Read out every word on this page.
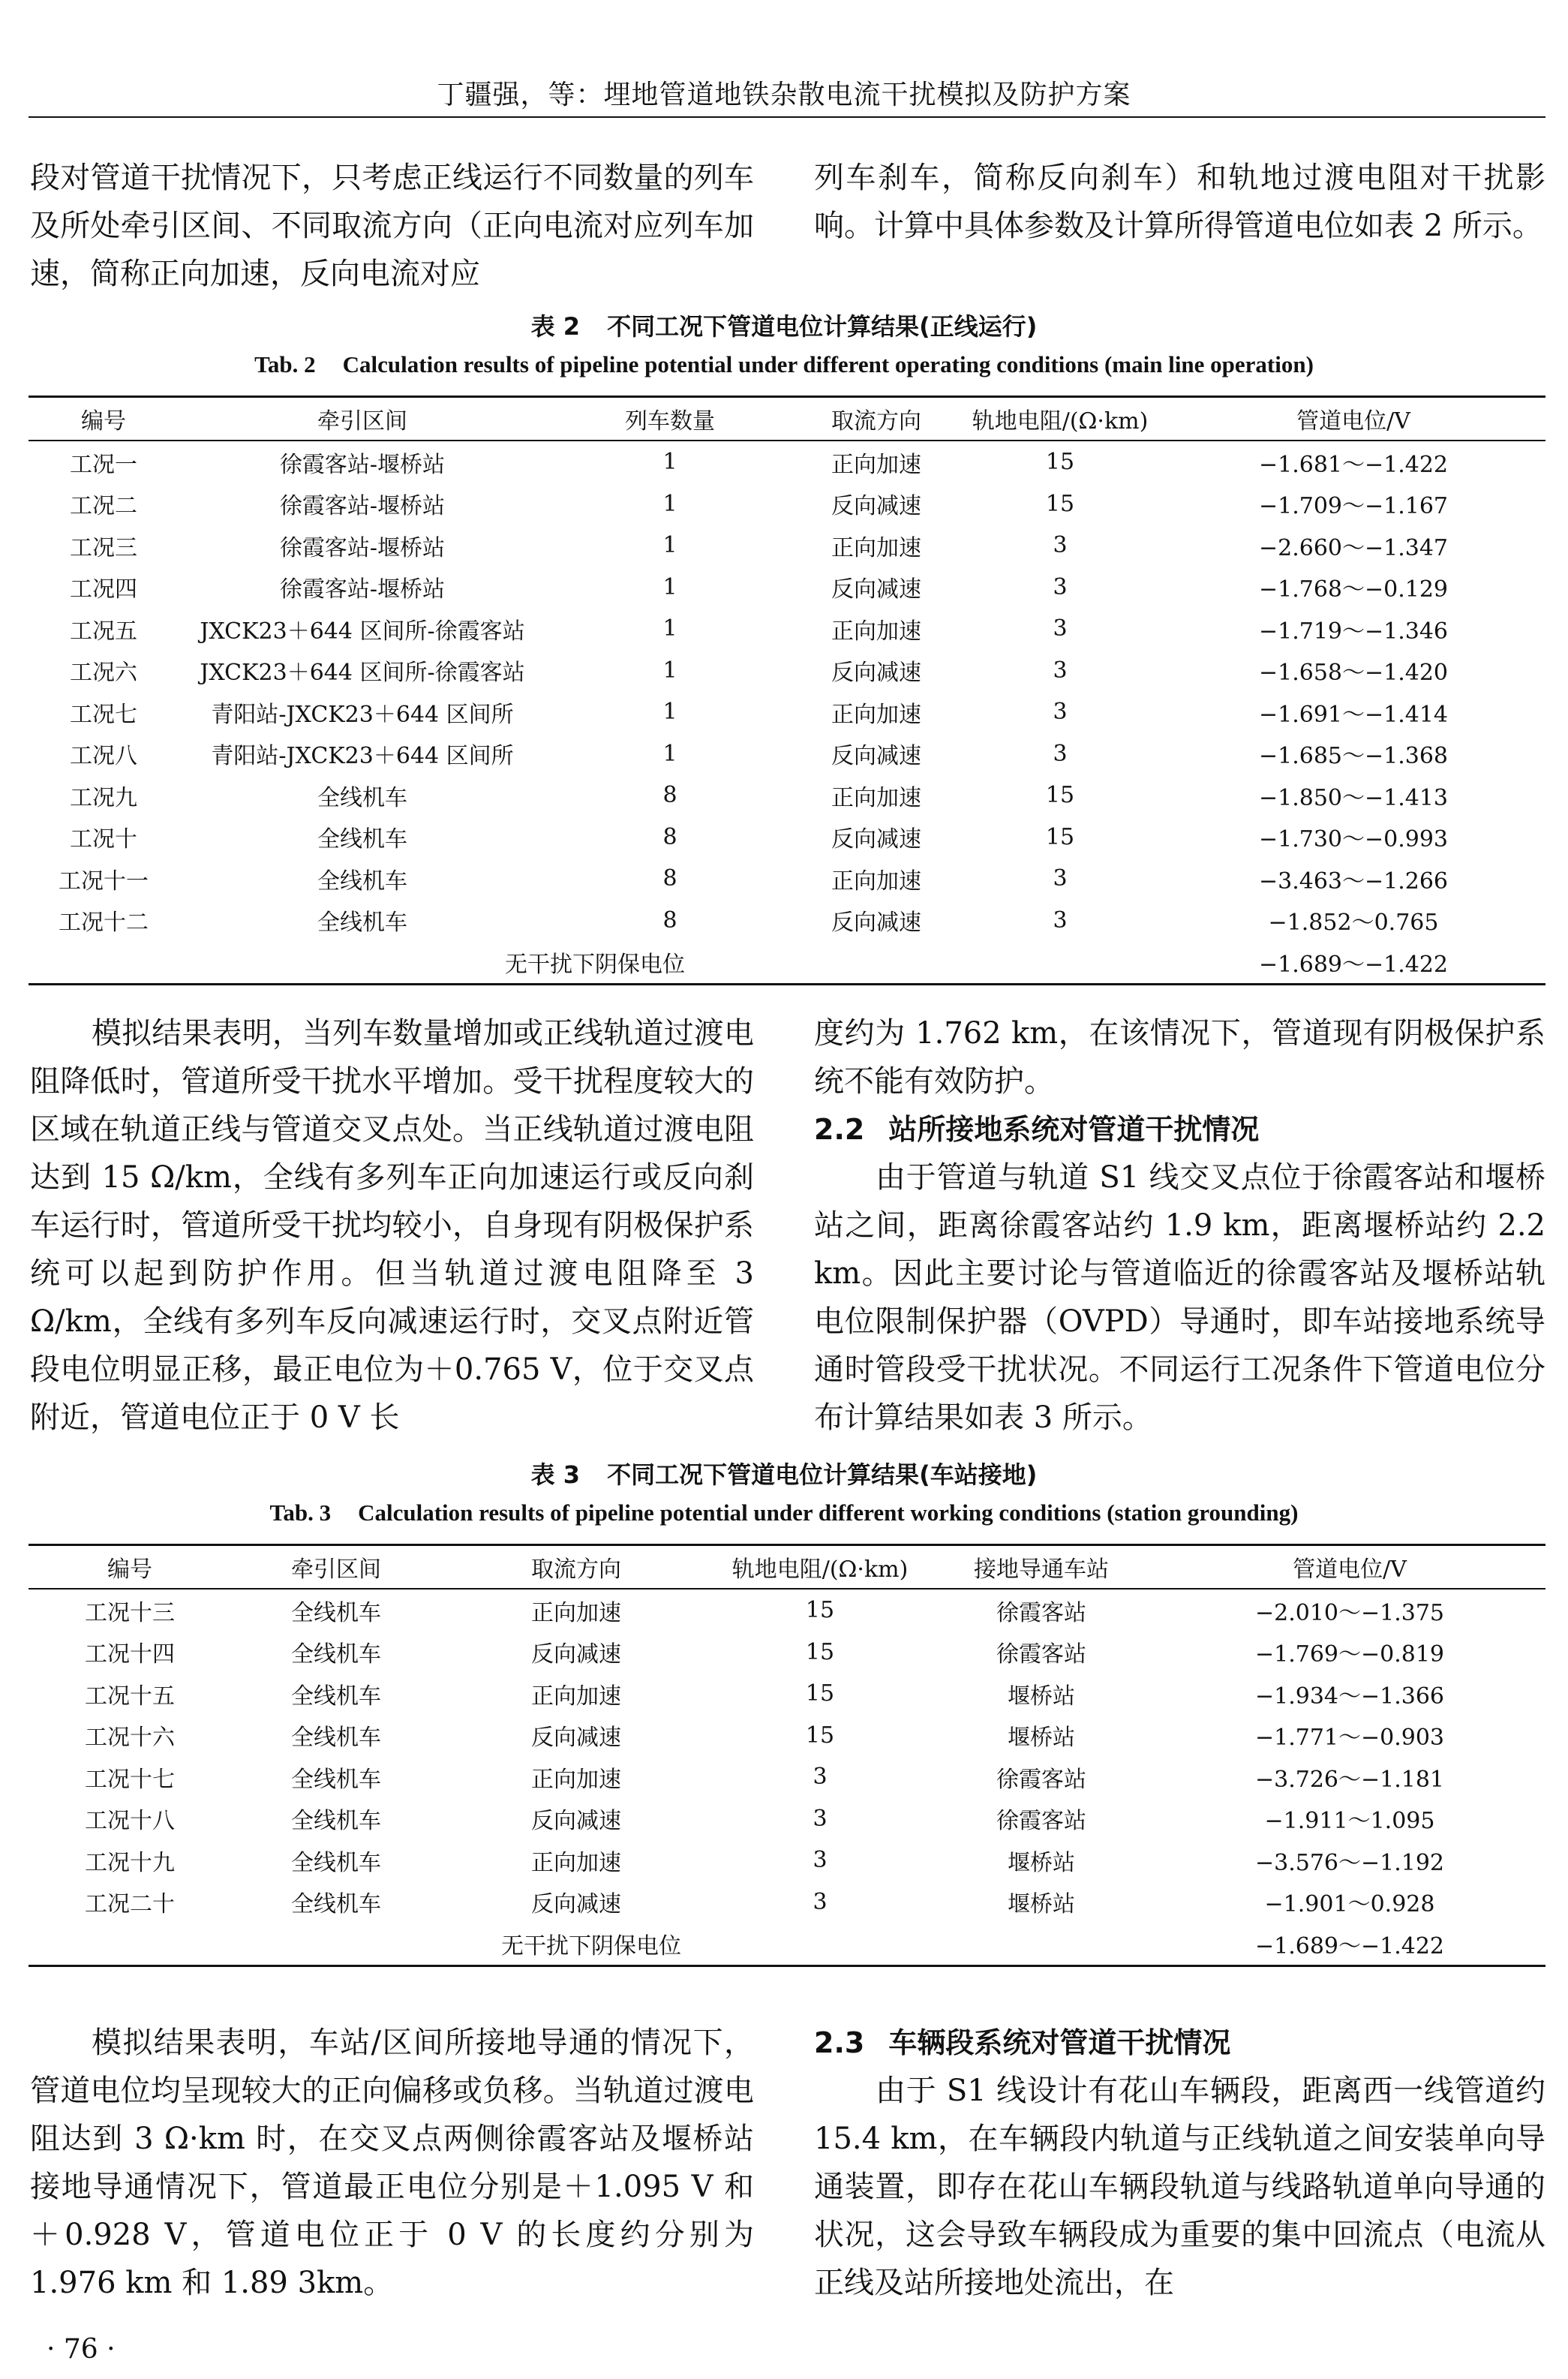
丁疆强，等：埋地管道地铁杂散电流干扰模拟及防护方案

段对管道干扰情况下，只考虑正线运行不同数量的列车及所处牵引区间、不同取流方向（正向电流对应列车加速，简称正向加速，反向电流对应

列车刹车，简称反向刹车）和轨地过渡电阻对干扰影响。计算中具体参数及计算所得管道电位如表 2 所示。

表 2 不同工况下管道电位计算结果(正线运行)
Tab. 2 Calculation results of pipeline potential under different operating conditions (main line operation)
编号	牵引区间	列车数量	取流方向	轨地电阻/(Ω·km)	管道电位/V
工况一	徐霞客站-堰桥站	1	正向加速	15	−1.681～−1.422
工况二	徐霞客站-堰桥站	1	反向减速	15	−1.709～−1.167
工况三	徐霞客站-堰桥站	1	正向加速	3	−2.660～−1.347
工况四	徐霞客站-堰桥站	1	反向减速	3	−1.768～−0.129
工况五	JXCK23＋644 区间所-徐霞客站	1	正向加速	3	−1.719～−1.346
工况六	JXCK23＋644 区间所-徐霞客站	1	反向减速	3	−1.658～−1.420
工况七	青阳站-JXCK23＋644 区间所	1	正向加速	3	−1.691～−1.414
工况八	青阳站-JXCK23＋644 区间所	1	反向减速	3	−1.685～−1.368
工况九	全线机车	8	正向加速	15	−1.850～−1.413
工况十	全线机车	8	反向减速	15	−1.730～−0.993
工况十一	全线机车	8	正向加速	3	−3.463～−1.266
工况十二	全线机车	8	反向减速	3	−1.852～0.765
无干扰下阴保电位					−1.689～−1.422

模拟结果表明，当列车数量增加或正线轨道过渡电阻降低时，管道所受干扰水平增加。受干扰程度较大的区域在轨道正线与管道交叉点处。当正线轨道过渡电阻达到 15 Ω/km，全线有多列车正向加速运行或反向刹车运行时，管道所受干扰均较小，自身现有阴极保护系统可以起到防护作用。但当轨道过渡电阻降至 3 Ω/km，全线有多列车反向减速运行时，交叉点附近管段电位明显正移，最正电位为＋0.765 V，位于交叉点附近，管道电位正于 0 V 长

度约为 1.762 km，在该情况下，管道现有阴极保护系统不能有效防护。

2.2 站所接地系统对管道干扰情况

由于管道与轨道 S1 线交叉点位于徐霞客站和堰桥站之间，距离徐霞客站约 1.9 km，距离堰桥站约 2.2 km。因此主要讨论与管道临近的徐霞客站及堰桥站轨电位限制保护器（OVPD）导通时，即车站接地系统导通时管段受干扰状况。不同运行工况条件下管道电位分布计算结果如表 3 所示。

表 3 不同工况下管道电位计算结果(车站接地)
Tab. 3 Calculation results of pipeline potential under different working conditions (station grounding)
编号	牵引区间	取流方向	轨地电阻/(Ω·km)	接地导通车站	管道电位/V
工况十三	全线机车	正向加速	15	徐霞客站	−2.010～−1.375
工况十四	全线机车	反向减速	15	徐霞客站	−1.769～−0.819
工况十五	全线机车	正向加速	15	堰桥站	−1.934～−1.366
工况十六	全线机车	反向减速	15	堰桥站	−1.771～−0.903
工况十七	全线机车	正向加速	3	徐霞客站	−3.726～−1.181
工况十八	全线机车	反向减速	3	徐霞客站	−1.911～1.095
工况十九	全线机车	正向加速	3	堰桥站	−3.576～−1.192
工况二十	全线机车	反向减速	3	堰桥站	−1.901～0.928
无干扰下阴保电位					−1.689～−1.422

模拟结果表明，车站/区间所接地导通的情况下，管道电位均呈现较大的正向偏移或负移。当轨道过渡电阻达到 3 Ω·km 时，在交叉点两侧徐霞客站及堰桥站接地导通情况下，管道最正电位分别是＋1.095 V 和＋0.928 V，管道电位正于 0 V 的长度约分别为 1.976 km 和 1.89 3km。

2.3 车辆段系统对管道干扰情况

由于 S1 线设计有花山车辆段，距离西一线管道约 15.4 km，在车辆段内轨道与正线轨道之间安装单向导通装置，即存在花山车辆段轨道与线路轨道单向导通的状况，这会导致车辆段成为重要的集中回流点（电流从正线及站所接地处流出，在

· 76 ·
